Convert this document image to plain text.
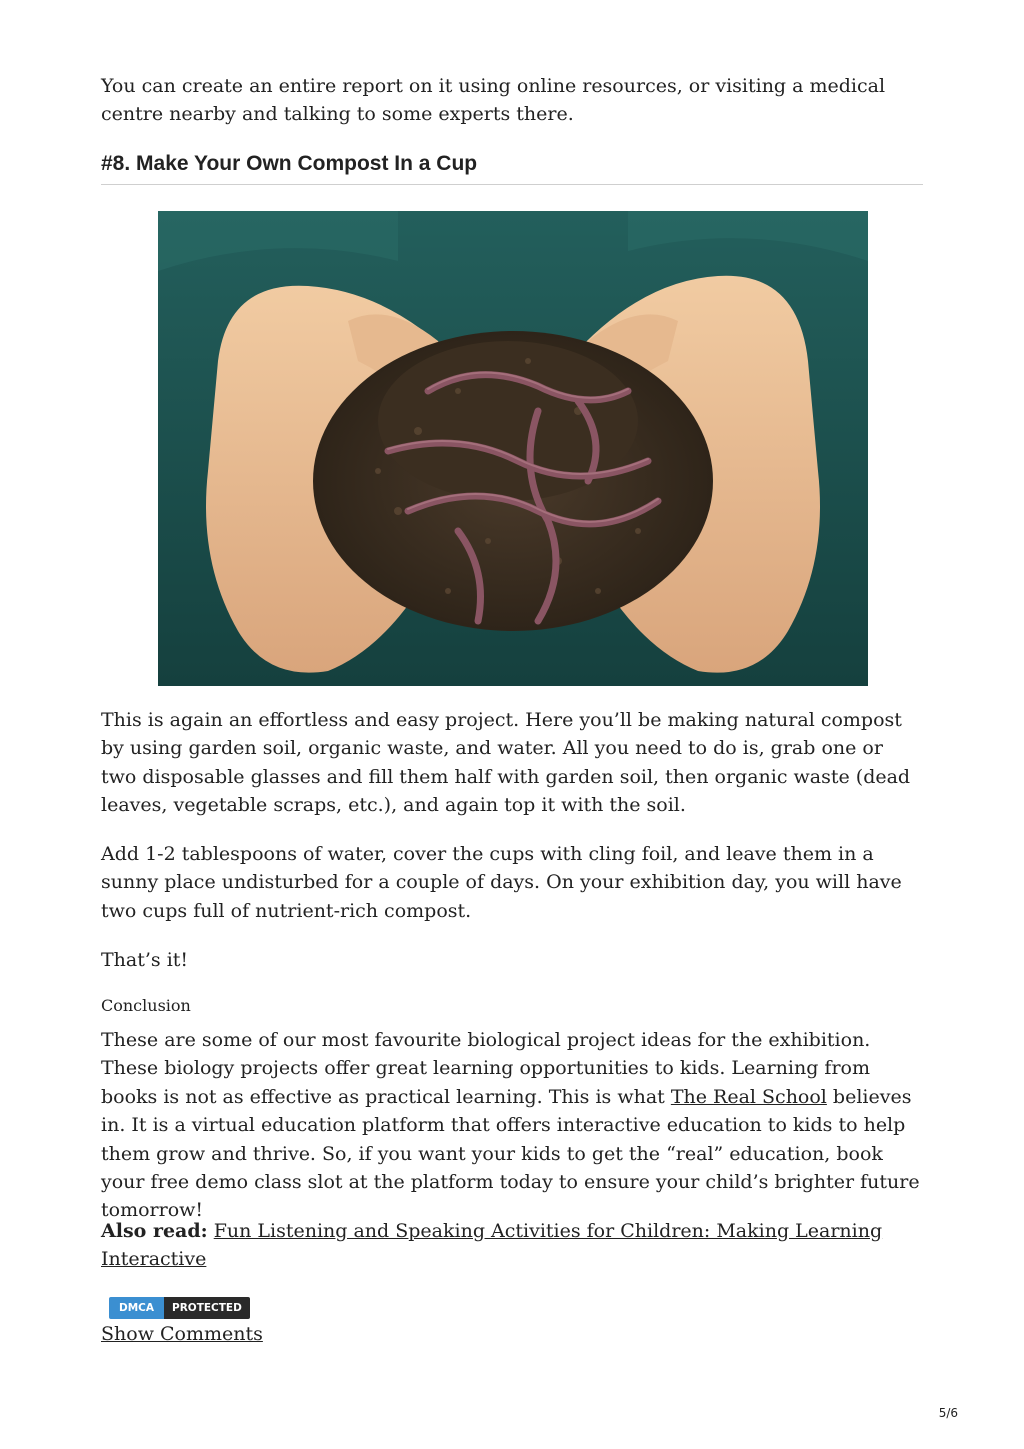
You can create an entire report on it using online resources, or visiting a medical centre nearby and talking to some experts there.

#8. Make Your Own Compost In a Cup

This is again an effortless and easy project. Here you’ll be making natural compost by using garden soil, organic waste, and water. All you need to do is, grab one or two disposable glasses and fill them half with garden soil, then organic waste (dead leaves, vegetable scraps, etc.), and again top it with the soil.

Add 1-2 tablespoons of water, cover the cups with cling foil, and leave them in a sunny place undisturbed for a couple of days. On your exhibition day, you will have two cups full of nutrient-rich compost.

That’s it!

Conclusion

These are some of our most favourite biological project ideas for the exhibition. These biology projects offer great learning opportunities to kids. Learning from books is not as effective as practical learning. This is what The Real School believes in. It is a virtual education platform that offers interactive education to kids to help them grow and thrive. So, if you want your kids to get the “real” education, book your free demo class slot at the platform today to ensure your child’s brighter future tomorrow!

Also read: Fun Listening and Speaking Activities for Children: Making Learning Interactive

DMCA	PROTECTED
Show Comments
5/6
